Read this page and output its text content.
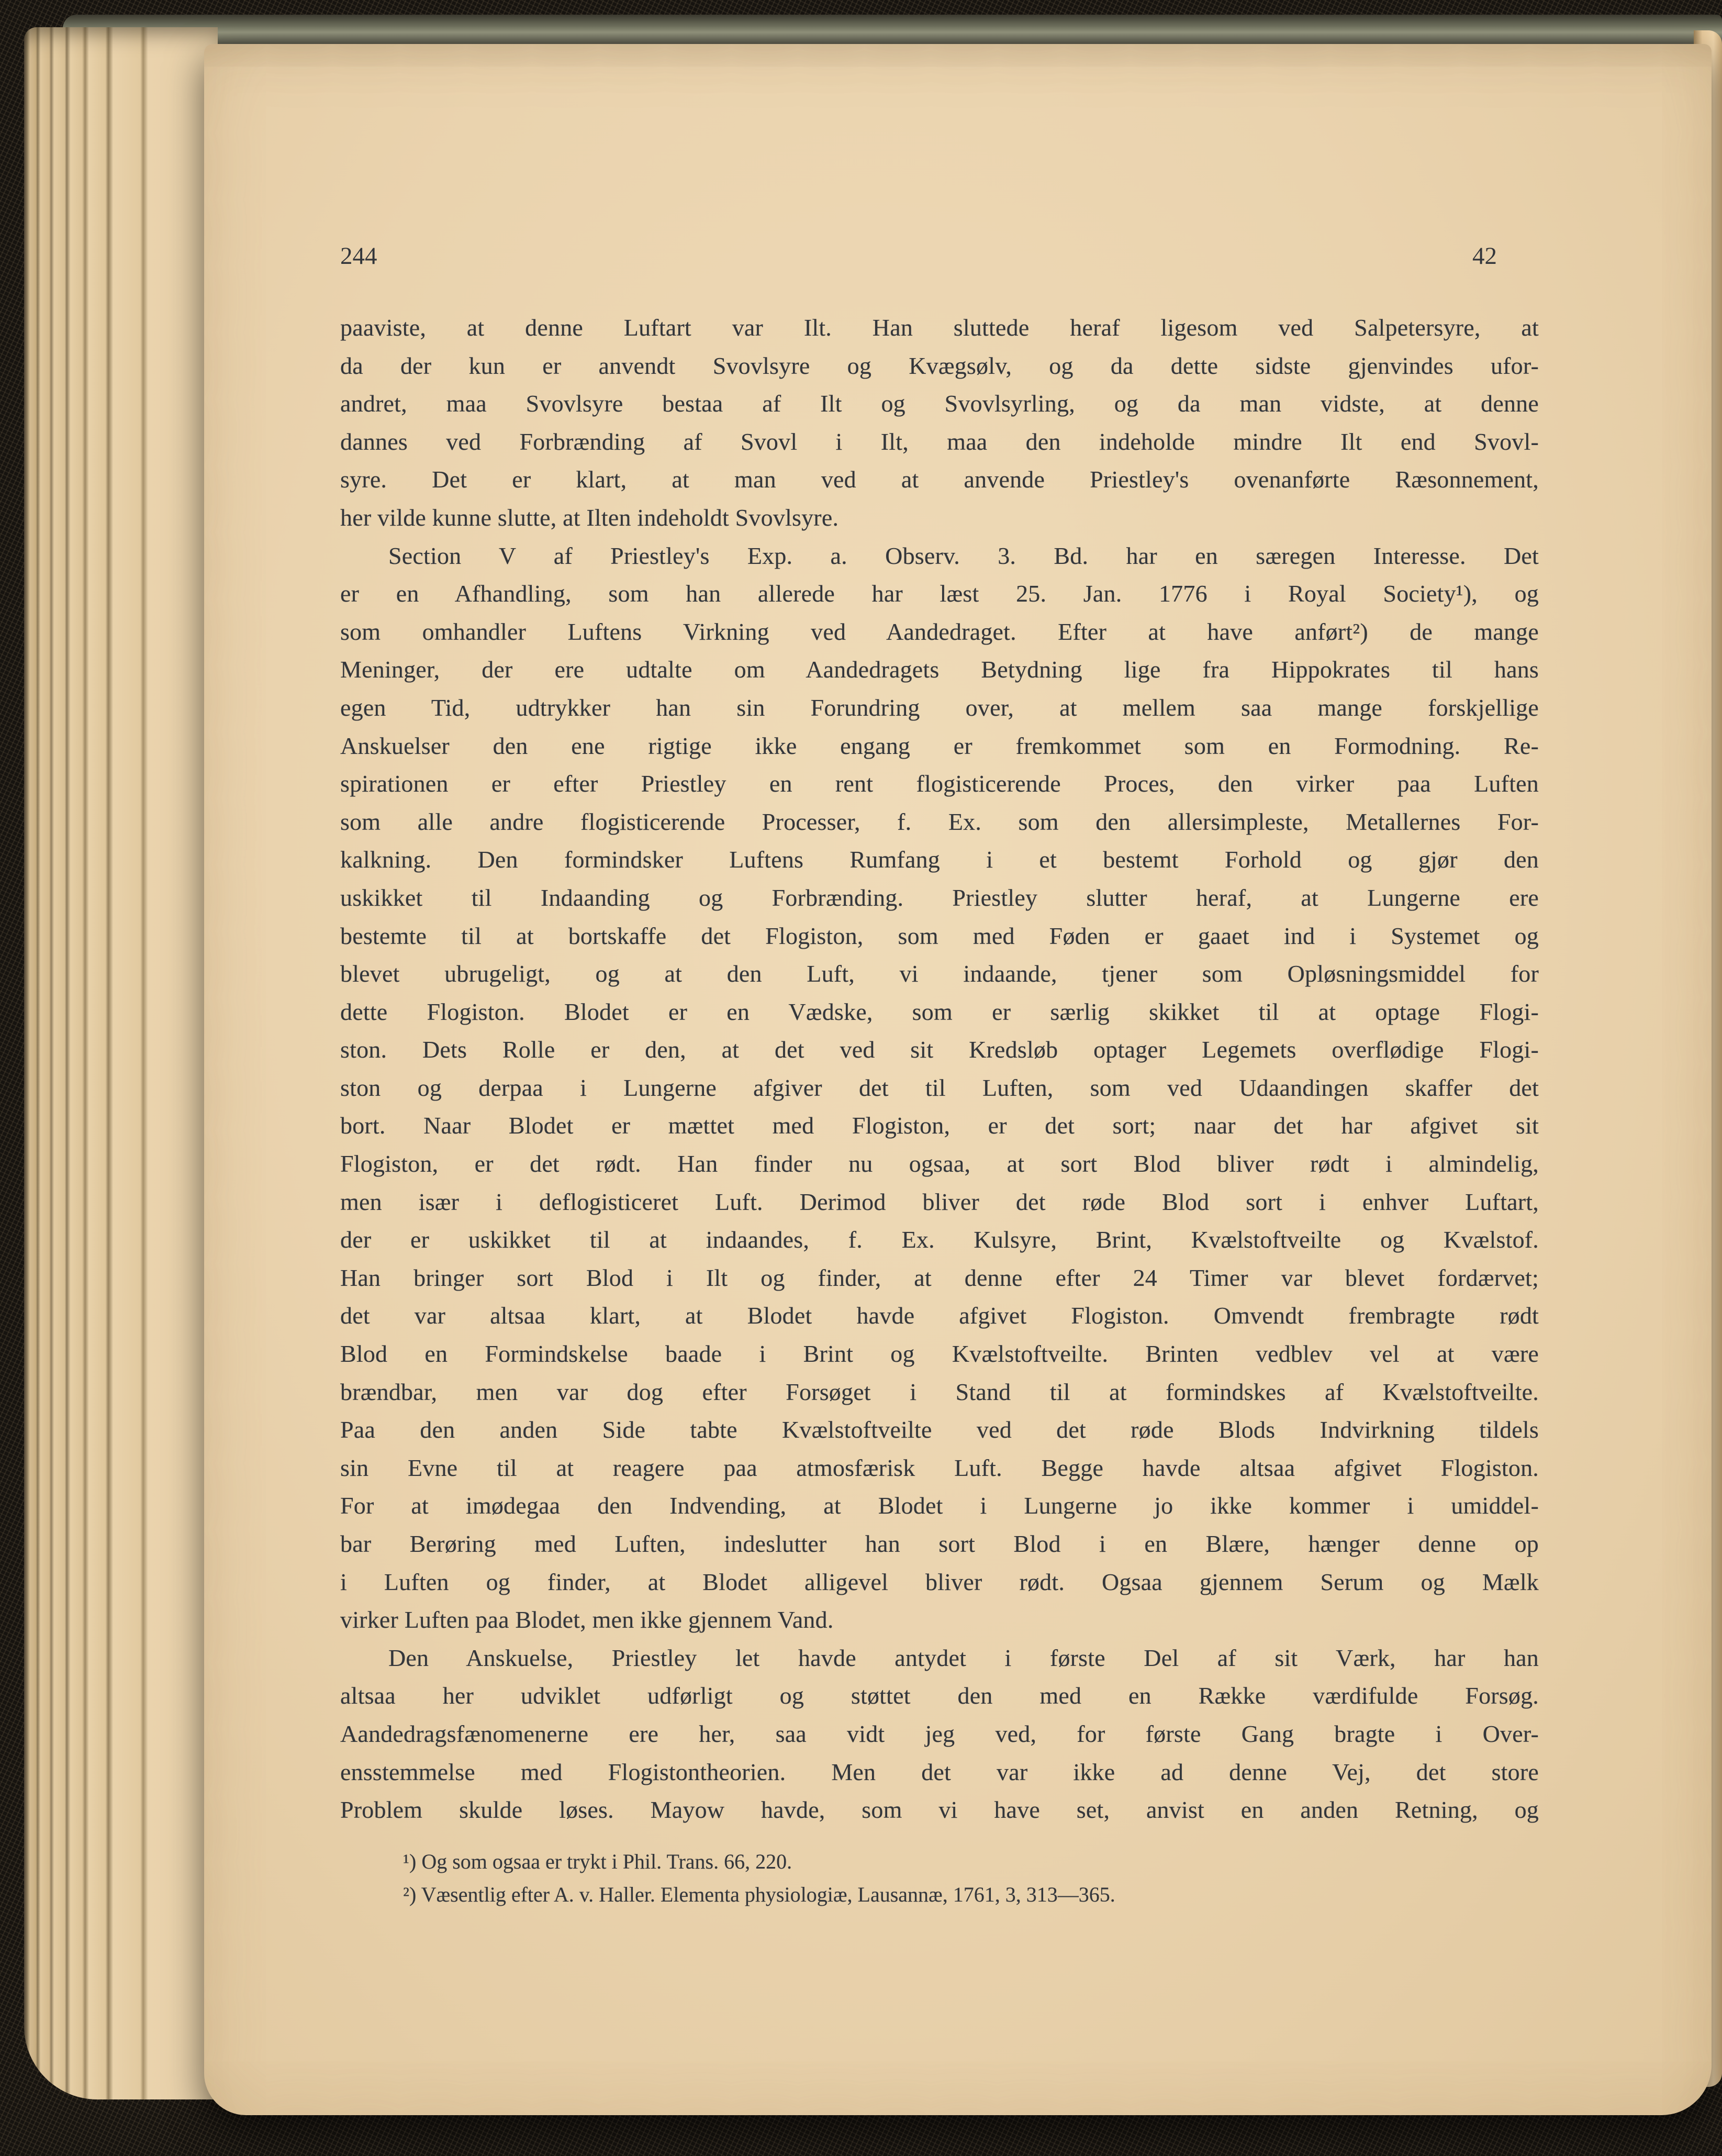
244	42
paaviste, at denne Luftart var Ilt. Han sluttede heraf ligesom ved Salpetersyre, at
da der kun er anvendt Svovlsyre og Kvægsølv, og da dette sidste gjenvindes ufor-
andret, maa Svovlsyre bestaa af Ilt og Svovlsyrling, og da man vidste, at denne
dannes ved Forbrænding af Svovl i Ilt, maa den indeholde mindre Ilt end Svovl-
syre. Det er klart, at man ved at anvende Priestley's ovenanførte Ræsonnement,
her vilde kunne slutte, at Ilten indeholdt Svovlsyre.
Section V af Priestley's Exp. a. Observ. 3. Bd. har en særegen Interesse. Det
er en Afhandling, som han allerede har læst 25. Jan. 1776 i Royal Society¹), og
som omhandler Luftens Virkning ved Aandedraget. Efter at have anført²) de mange
Meninger, der ere udtalte om Aandedragets Betydning lige fra Hippokrates til hans
egen Tid, udtrykker han sin Forundring over, at mellem saa mange forskjellige
Anskuelser den ene rigtige ikke engang er fremkommet som en Formodning. Re-
spirationen er efter Priestley en rent flogisticerende Proces, den virker paa Luften
som alle andre flogisticerende Processer, f. Ex. som den allersimpleste, Metallernes For-
kalkning. Den formindsker Luftens Rumfang i et bestemt Forhold og gjør den
uskikket til Indaanding og Forbrænding. Priestley slutter heraf, at Lungerne ere
bestemte til at bortskaffe det Flogiston, som med Føden er gaaet ind i Systemet og
blevet ubrugeligt, og at den Luft, vi indaande, tjener som Opløsningsmiddel for
dette Flogiston. Blodet er en Vædske, som er særlig skikket til at optage Flogi-
ston. Dets Rolle er den, at det ved sit Kredsløb optager Legemets overflødige Flogi-
ston og derpaa i Lungerne afgiver det til Luften, som ved Udaandingen skaffer det
bort. Naar Blodet er mættet med Flogiston, er det sort; naar det har afgivet sit
Flogiston, er det rødt. Han finder nu ogsaa, at sort Blod bliver rødt i almindelig,
men især i deflogisticeret Luft. Derimod bliver det røde Blod sort i enhver Luftart,
der er uskikket til at indaandes, f. Ex. Kulsyre, Brint, Kvælstoftveilte og Kvælstof.
Han bringer sort Blod i Ilt og finder, at denne efter 24 Timer var blevet fordærvet;
det var altsaa klart, at Blodet havde afgivet Flogiston. Omvendt frembragte rødt
Blod en Formindskelse baade i Brint og Kvælstoftveilte. Brinten vedblev vel at være
brændbar, men var dog efter Forsøget i Stand til at formindskes af Kvælstoftveilte.
Paa den anden Side tabte Kvælstoftveilte ved det røde Blods Indvirkning tildels
sin Evne til at reagere paa atmosfærisk Luft. Begge havde altsaa afgivet Flogiston.
For at imødegaa den Indvending, at Blodet i Lungerne jo ikke kommer i umiddel-
bar Berøring med Luften, indeslutter han sort Blod i en Blære, hænger denne op
i Luften og finder, at Blodet alligevel bliver rødt. Ogsaa gjennem Serum og Mælk
virker Luften paa Blodet, men ikke gjennem Vand.
Den Anskuelse, Priestley let havde antydet i første Del af sit Værk, har han
altsaa her udviklet udførligt og støttet den med en Række værdifulde Forsøg.
Aandedragsfænomenerne ere her, saa vidt jeg ved, for første Gang bragte i Over-
ensstemmelse med Flogistontheorien. Men det var ikke ad denne Vej, det store
Problem skulde løses. Mayow havde, som vi have set, anvist en anden Retning, og
¹) Og som ogsaa er trykt i Phil. Trans. 66, 220.
²) Væsentlig efter A. v. Haller. Elementa physiologiæ, Lausannæ, 1761, 3, 313—365.
